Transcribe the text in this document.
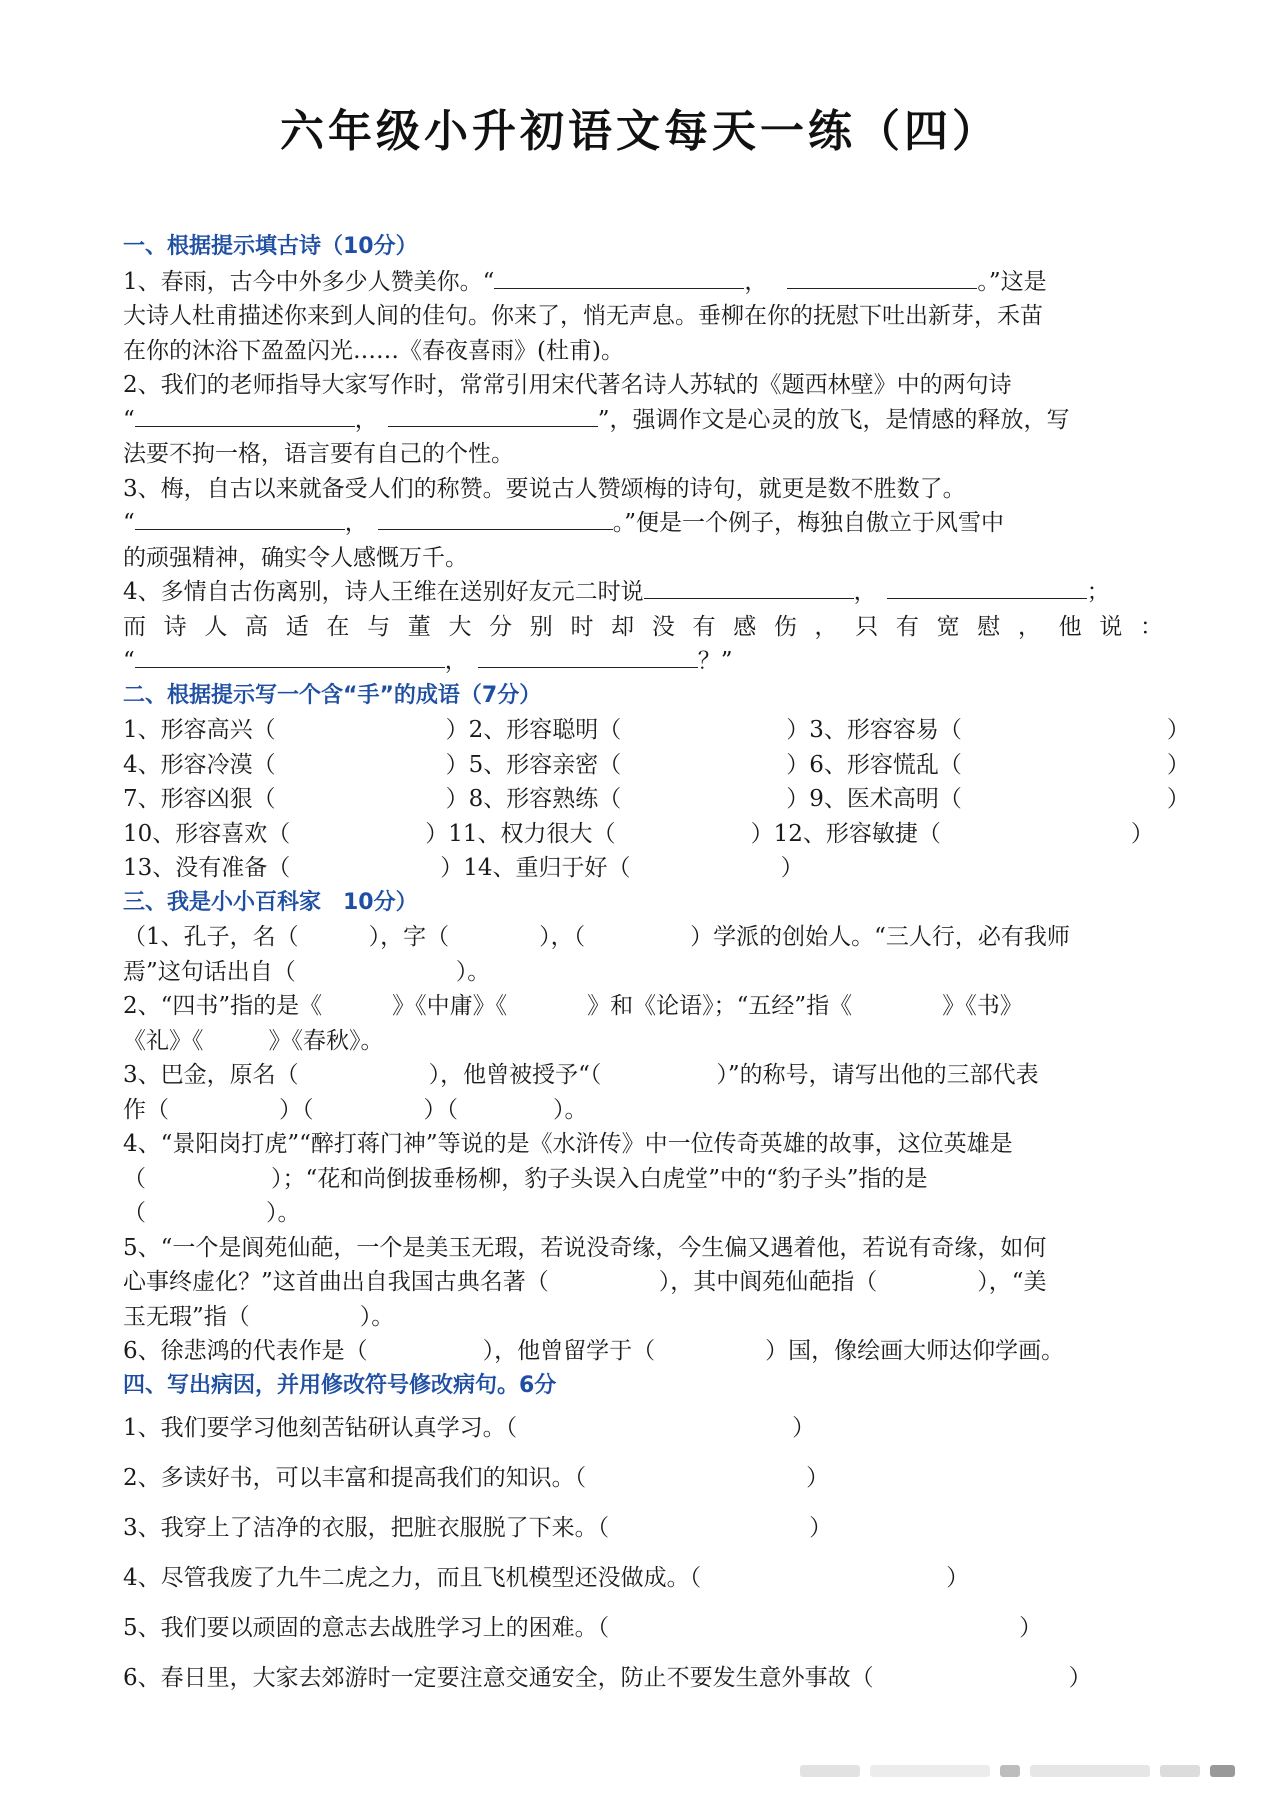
六年级小升初语文每天一练（四）
一、根据提示填古诗（10分）
1、春雨，古今中外多少人赞美你。“	，	。”这是
大诗人杜甫描述你来到人间的佳句。你来了，悄无声息。垂柳在你的抚慰下吐出新芽，禾苗
在你的沐浴下盈盈闪光……《春夜喜雨》(杜甫)。
2、我们的老师指导大家写作时，常常引用宋代著名诗人苏轼的《题西林壁》中的两句诗
“	，	”，强调作文是心灵的放飞，是情感的释放，写
法要不拘一格，语言要有自己的个性。
3、梅，自古以来就备受人们的称赞。要说古人赞颂梅的诗句，就更是数不胜数了。
“	，	。”便是一个例子，梅独自傲立于风雪中
的顽强精神，确实令人感慨万千。
4、多情自古伤离别，诗人王维在送别好友元二时说	，	；
而诗人高适在与董大分别时却没有感伤，只有宽慰，他说：
“	，	？”
二、根据提示写一个含“手”的成语（7分）
1、形容高兴（	）2、形容聪明（	）3、形容容易（	）
4、形容冷漠（	）5、形容亲密（	）6、形容慌乱（	）
7、形容凶狠（	）8、形容熟练（	）9、医术高明（	）
10、形容喜欢（	）11、权力很大（	）12、形容敏捷（	）
13、没有准备（	）14、重归于好（	）
三、我是小小百科家　10分）
（1、孔子，名（	），字（	），（	）学派的创始人。“三人行，必有我师
焉”这句话出自（	）。
2、“四书”指的是《	》《中庸》《	》和《论语》；“五经”指《	》《书》
《礼》《	》《春秋》。
3、巴金，原名（	），他曾被授予“（	）”的称号，请写出他的三部代表
作（	）（	）（	）。
4、“景阳岗打虎”“醉打蒋门神”等说的是《水浒传》中一位传奇英雄的故事，这位英雄是
（	）；“花和尚倒拔垂杨柳，豹子头误入白虎堂”中的“豹子头”指的是
（	）。
5、“一个是阆苑仙葩，一个是美玉无瑕，若说没奇缘，今生偏又遇着他，若说有奇缘，如何
心事终虚化？”这首曲出自我国古典名著（	），其中阆苑仙葩指（	），“美
玉无瑕”指（	）。
6、徐悲鸿的代表作是（	），他曾留学于（	）国，像绘画大师达仰学画。
四、写出病因，并用修改符号修改病句。6分
1、我们要学习他刻苦钻研认真学习。（	）
2、多读好书，可以丰富和提高我们的知识。（	）
3、我穿上了洁净的衣服，把脏衣服脱了下来。（	）
4、尽管我废了九牛二虎之力，而且飞机模型还没做成。（	）
5、我们要以顽固的意志去战胜学习上的困难。（	）
6、春日里，大家去郊游时一定要注意交通安全，防止不要发生意外事故（	）
